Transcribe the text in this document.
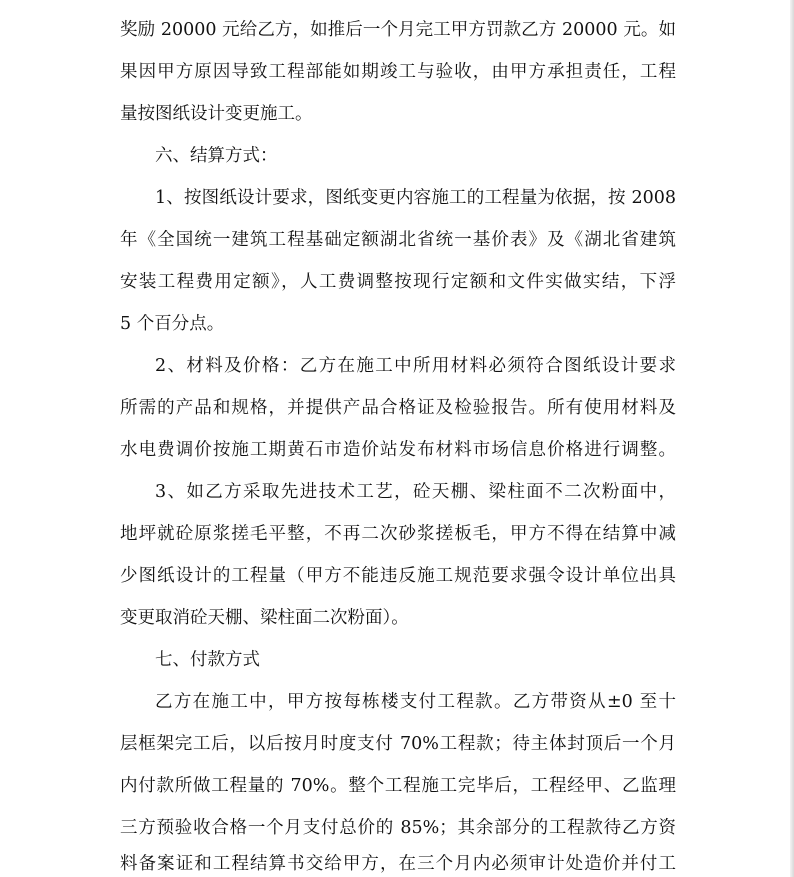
奖励 20000 元给乙方，如推后一个月完工甲方罚款乙方 20000 元。如
果因甲方原因导致工程部能如期竣工与验收，由甲方承担责任，工程
量按图纸设计变更施工。
六、结算方式：
1、按图纸设计要求，图纸变更内容施工的工程量为依据，按 2008
年《全国统一建筑工程基础定额湖北省统一基价表》及《湖北省建筑
安装工程费用定额》，人工费调整按现行定额和文件实做实结，下浮
5 个百分点。
2、材料及价格：乙方在施工中所用材料必须符合图纸设计要求
所需的产品和规格，并提供产品合格证及检验报告。所有使用材料及
水电费调价按施工期黄石市造价站发布材料市场信息价格进行调整。
3、如乙方采取先进技术工艺，砼天棚、梁柱面不二次粉面中，
地坪就砼原浆搓毛平整，不再二次砂浆搓板毛，甲方不得在结算中减
少图纸设计的工程量（甲方不能违反施工规范要求强令设计单位出具
变更取消砼天棚、梁柱面二次粉面）。
七、付款方式
乙方在施工中，甲方按每栋楼支付工程款。乙方带资从±0 至十
层框架完工后，以后按月时度支付 70%工程款；待主体封顶后一个月
内付款所做工程量的 70%。整个工程施工完毕后，工程经甲、乙监理
三方预验收合格一个月支付总价的 85%；其余部分的工程款待乙方资
料备案证和工程结算书交给甲方，在三个月内必须审计处造价并付工
